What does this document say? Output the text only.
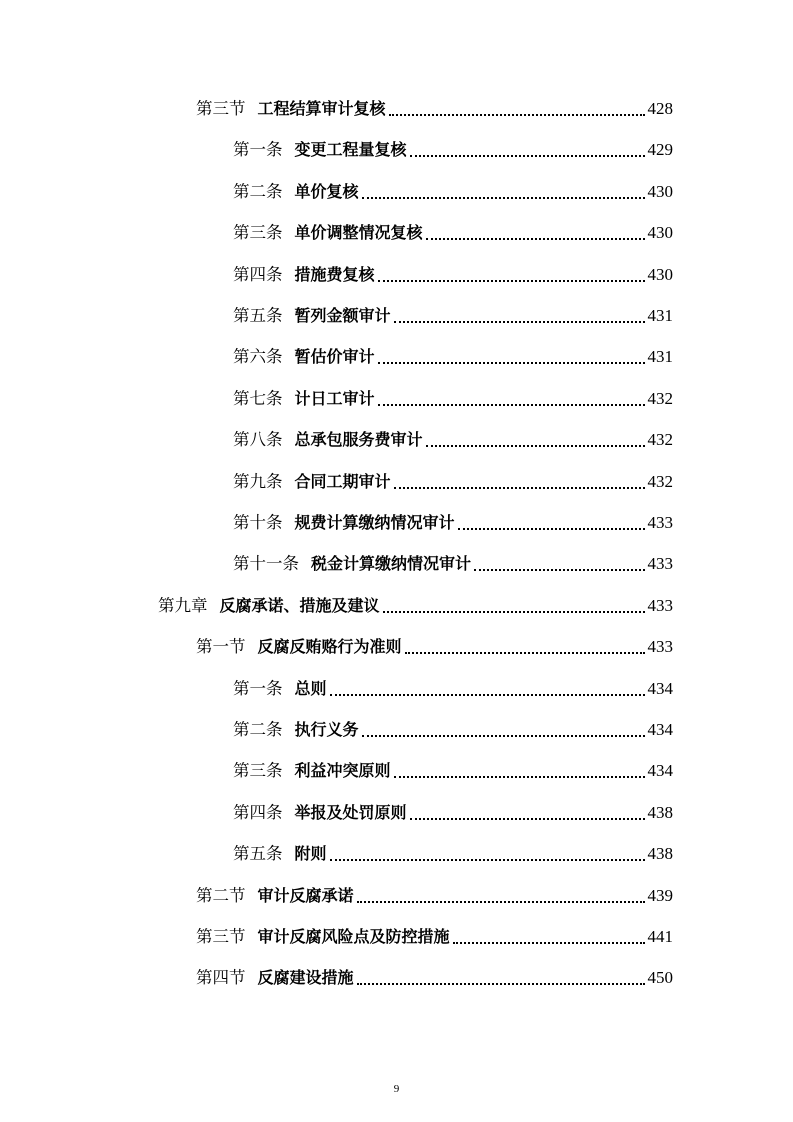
第三节 工程结算审计复核	428
第一条 变更工程量复核	429
第二条 单价复核	430
第三条 单价调整情况复核	430
第四条 措施费复核	430
第五条 暂列金额审计	431
第六条 暂估价审计	431
第七条 计日工审计	432
第八条 总承包服务费审计	432
第九条 合同工期审计	432
第十条 规费计算缴纳情况审计	433
第十一条 税金计算缴纳情况审计	433
第九章 反腐承诺、措施及建议	433
第一节 反腐反贿赂行为准则	433
第一条 总则	434
第二条 执行义务	434
第三条 利益冲突原则	434
第四条 举报及处罚原则	438
第五条 附则	438
第二节 审计反腐承诺	439
第三节 审计反腐风险点及防控措施	441
第四节 反腐建设措施	450
9
